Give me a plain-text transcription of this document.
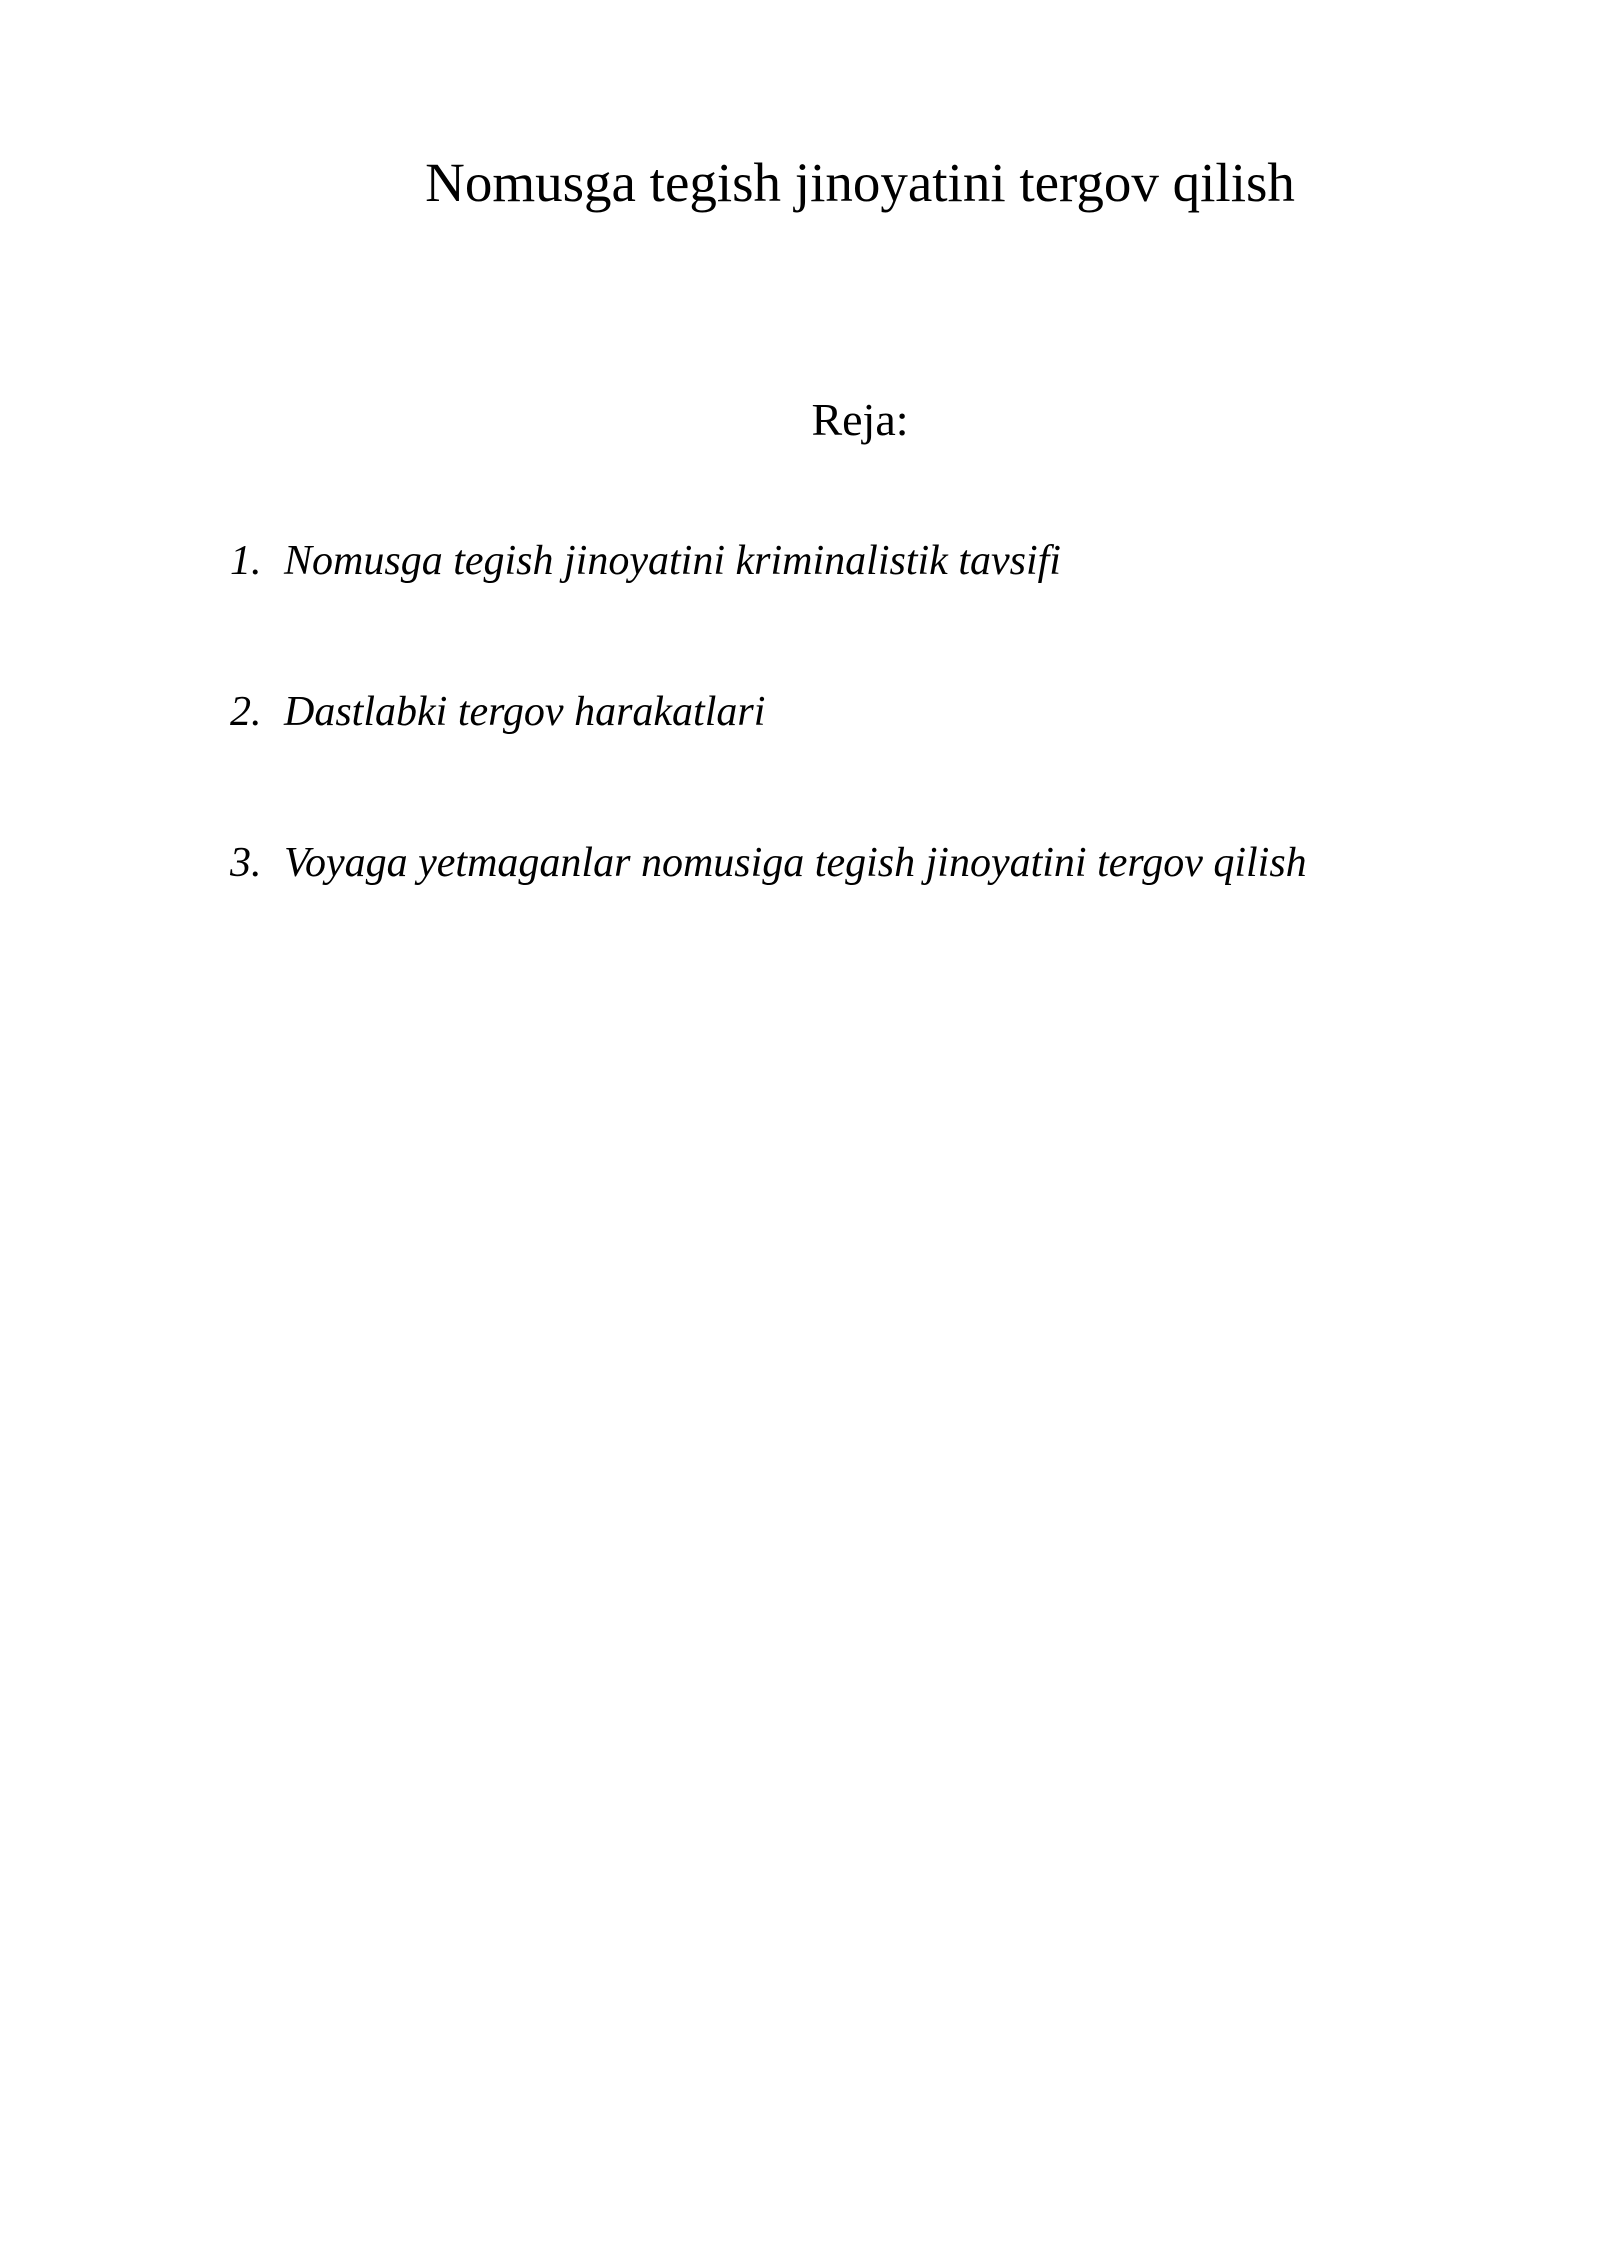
Nomusga tegish jinoyatini tergov qilish
Reja:
1. Nomusga tegish jinoyatini kriminalistik tavsifi
2. Dastlabki tergov harakatlari
3. Voyaga yetmaganlar nomusiga tegish jinoyatini tergov qilish
